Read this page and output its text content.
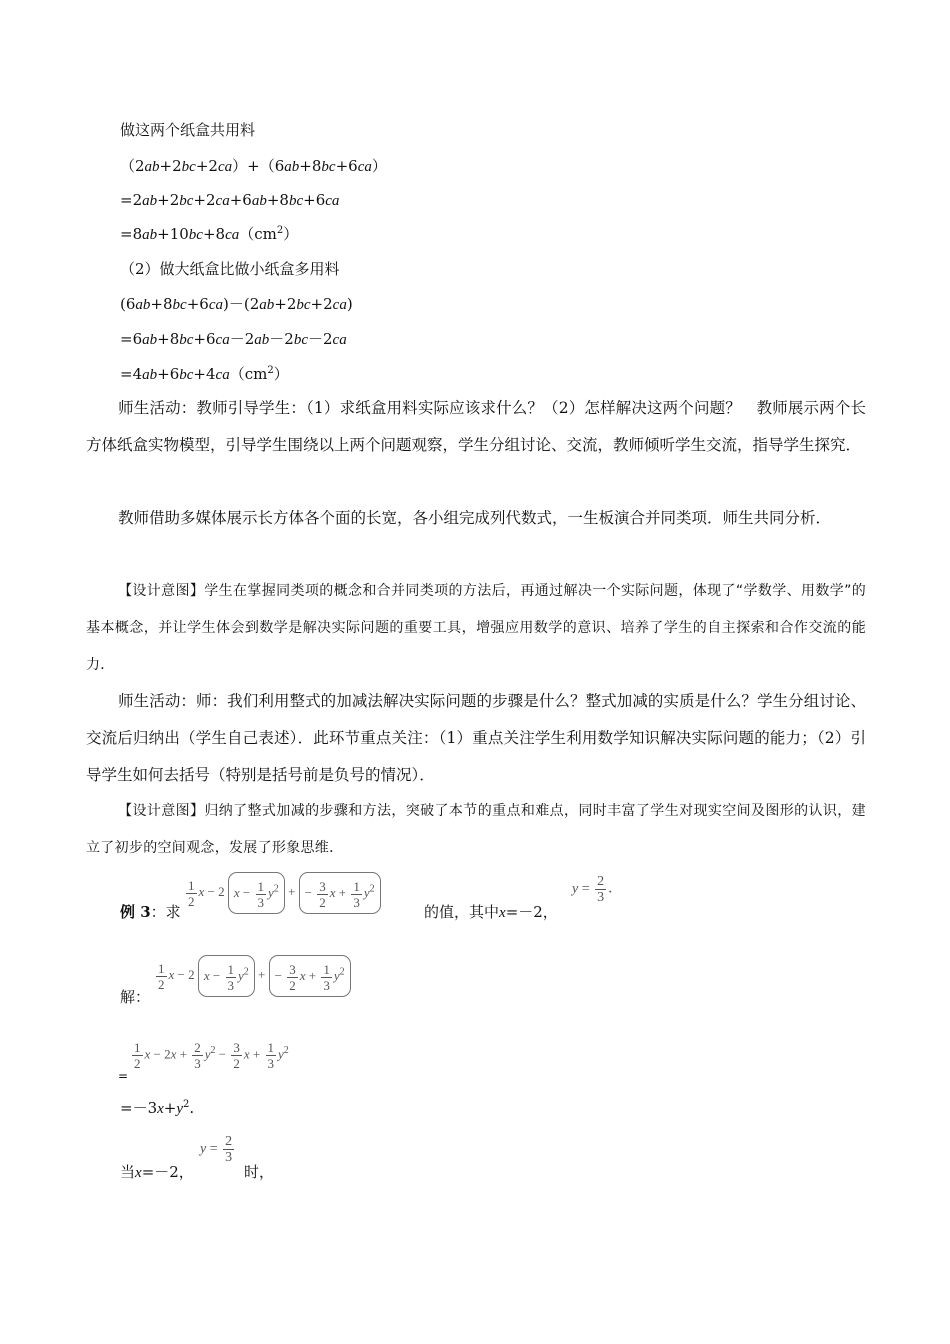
做这两个纸盒共用料
（2ab+2bc+2ca）+（6ab+8bc+6ca）
=2ab+2bc+2ca+6ab+8bc+6ca
$=8ab+10bc+8ca(cm^2)$
（2）做大纸盒比做小纸盒多用料
(6ab+8bc+6ca)－(2ab+2bc+2ca)
=6ab+8bc+6ca－2ab－2bc－2ca
$=4ab+6bc+4ca(cm^2)$
师生活动：教师引导学生：（1）求纸盒用料实际应该求什么？（2）怎样解决这两个问题？　教师展示两个长方体纸盒实物模型，引导学生围绕以上两个问题观察，学生分组讨论、交流，教师倾听学生交流，指导学生探究．
教师借助多媒体展示长方体各个面的长宽，各小组完成列代数式，一生板演合并同类项．师生共同分析．
【设计意图】学生在掌握同类项的概念和合并同类项的方法后，再通过解决一个实际问题，体现了“学数学、用数学”的基本概念，并让学生体会到数学是解决实际问题的重要工具，增强应用数学的意识、培养了学生的自主探索和合作交流的能力．
师生活动：师：我们利用整式的加减法解决实际问题的步骤是什么？整式加减的实质是什么？学生分组讨论、交流后归纳出（学生自己表述）．此环节重点关注：（1）重点关注学生利用数学知识解决实际问题的能力；（2）引导学生如何去括号（特别是括号前是负号的情况）．
【设计意图】归纳了整式加减的步骤和方法，突破了本节的重点和难点，同时丰富了学生对现实空间及图形的认识，建立了初步的空间观念，发展了形象思维．
例 3：求
$\frac{1}{2}$ x − 2 $x - \frac{1}{3} y^2$ + − $\frac{3}{2}$ $x + \frac{1}{3} y^2$
的值，其中x=－2，
$y = \frac{2}{3}$ ．
解：
$\frac{1}{2}$ x − 2 $x - \frac{1}{3} y^2$ + − $\frac{3}{2}$ $x + \frac{1}{3} y^2$
=
$\frac{1}{2}$ $x - 2x + \frac{2}{3} y^2 - \frac{3}{2}$ $x + \frac{1}{3} y^2$
$=-3x+y^2$.
当x=－2，
$y = \frac{2}{3}$
时，
